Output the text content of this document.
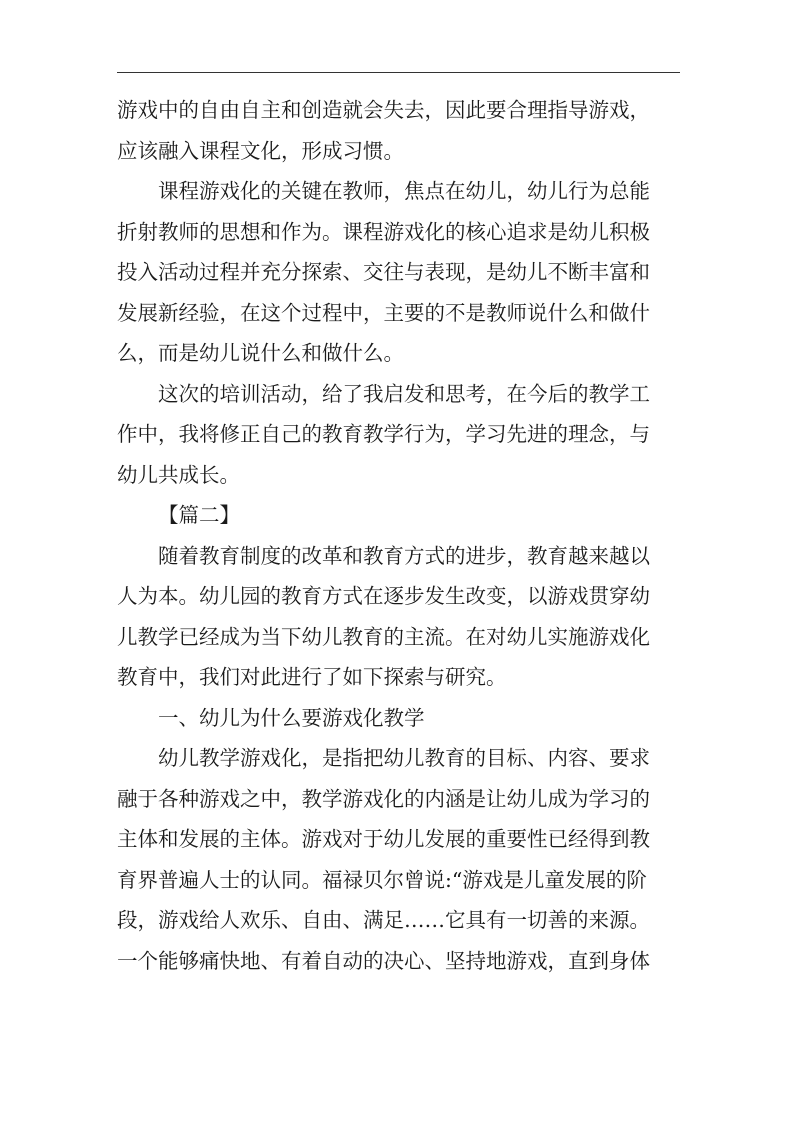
游戏中的自由自主和创造就会失去，因此要合理指导游戏，
应该融入课程文化，形成习惯。
课程游戏化的关键在教师，焦点在幼儿，幼儿行为总能
折射教师的思想和作为。课程游戏化的核心追求是幼儿积极
投入活动过程并充分探索、交往与表现，是幼儿不断丰富和
发展新经验，在这个过程中，主要的不是教师说什么和做什
么，而是幼儿说什么和做什么。
这次的培训活动，给了我启发和思考，在今后的教学工
作中，我将修正自己的教育教学行为，学习先进的理念，与
幼儿共成长。
【篇二】
随着教育制度的改革和教育方式的进步，教育越来越以
人为本。幼儿园的教育方式在逐步发生改变，以游戏贯穿幼
儿教学已经成为当下幼儿教育的主流。在对幼儿实施游戏化
教育中，我们对此进行了如下探索与研究。
一、幼儿为什么要游戏化教学
幼儿教学游戏化，是指把幼儿教育的目标、内容、要求
融于各种游戏之中，教学游戏化的内涵是让幼儿成为学习的
主体和发展的主体。游戏对于幼儿发展的重要性已经得到教
育界普遍人士的认同。福禄贝尔曾说:“游戏是儿童发展的阶
段，游戏给人欢乐、自由、满足……它具有一切善的来源。
一个能够痛快地、有着自动的决心、坚持地游戏，直到身体
